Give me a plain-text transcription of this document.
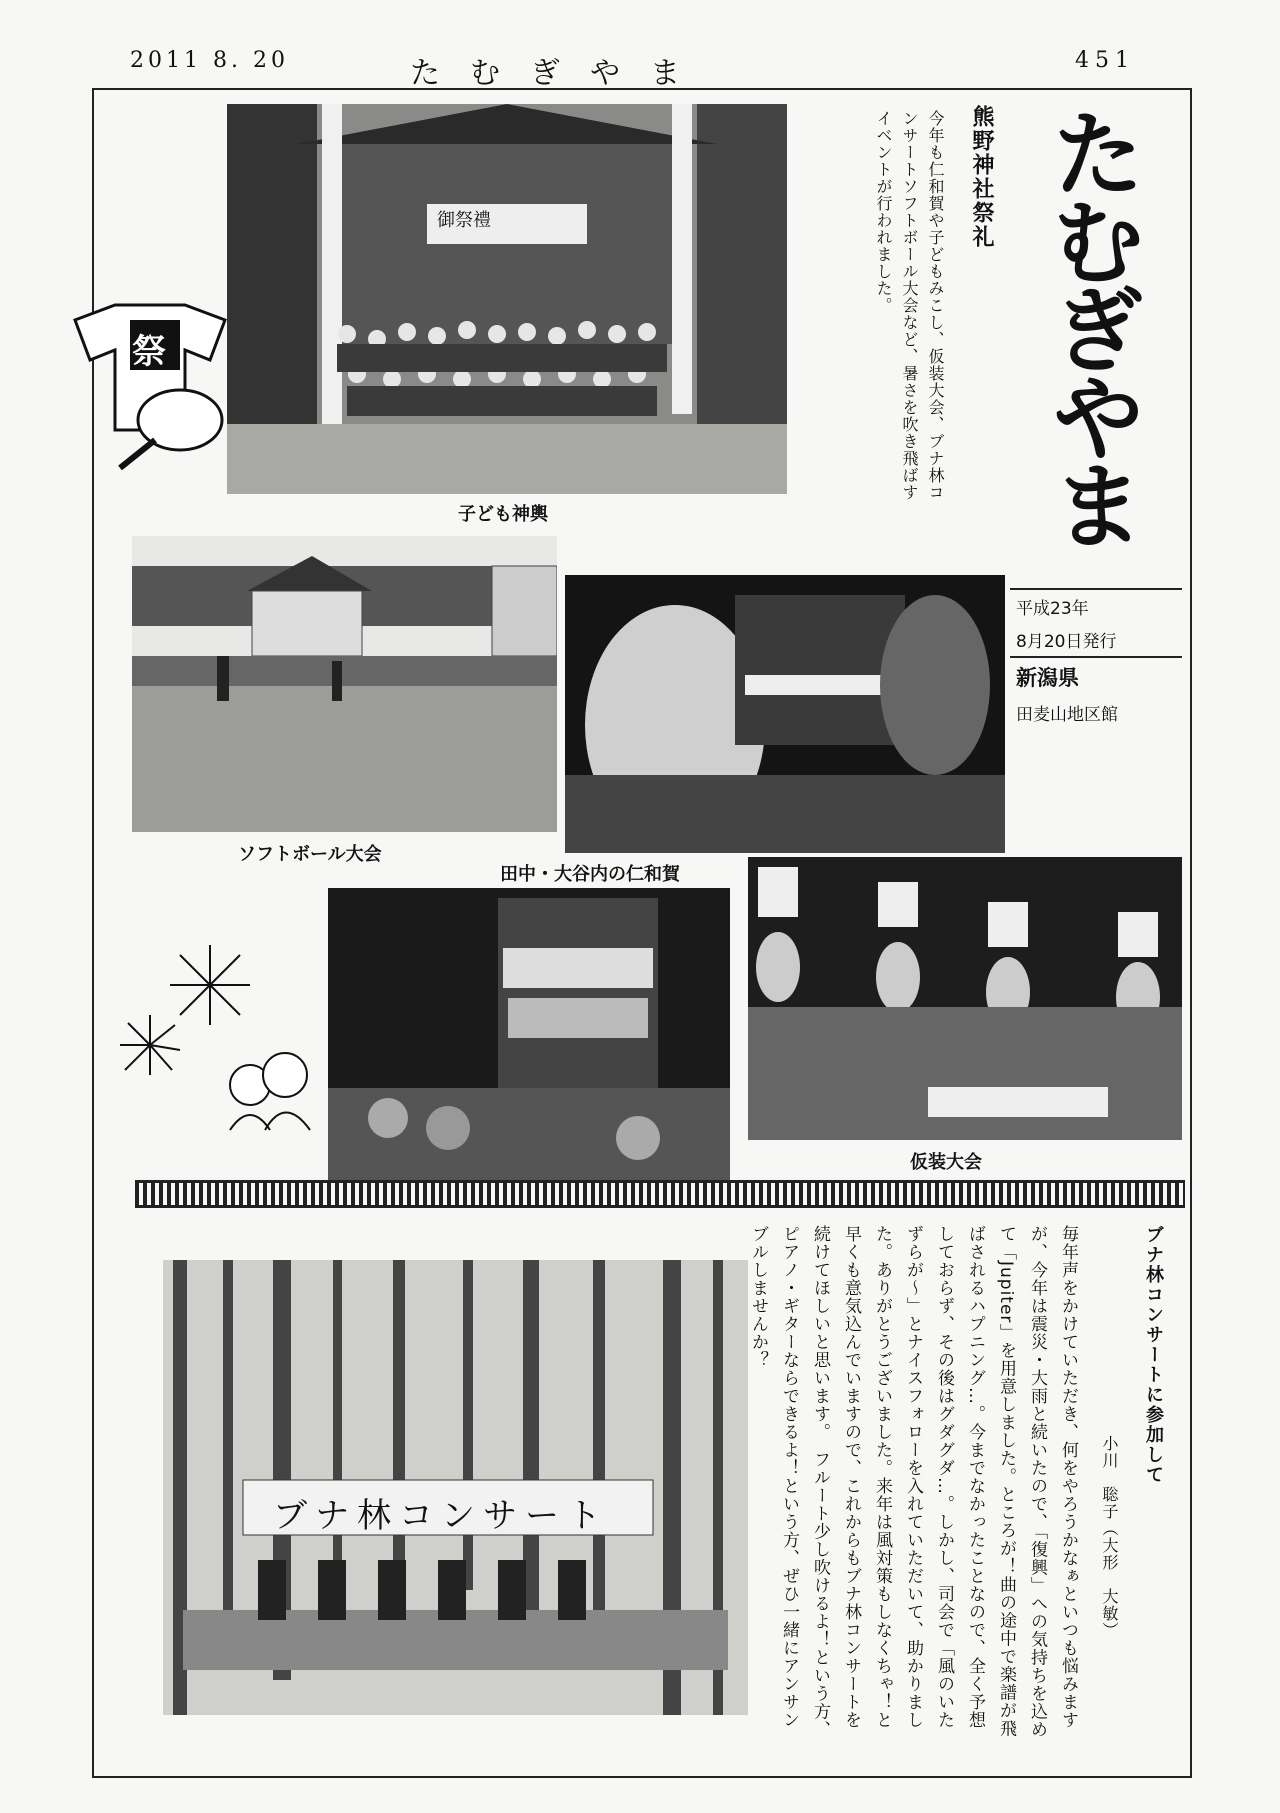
2011 8. 20	たむぎやま	451
たむぎやま
平成23年
8月20日発行
新潟県
田麦山地区館
熊野神社祭礼
今年も仁和賀や子どもみこし、仮装大会、ブナ林コンサートソフトボール大会など、暑さを吹き飛ばすイベントが行われました。
御祭禮
子ども神輿
祭
ソフトボール大会
田中・大谷内の仁和賀
仮装大会
ブナ林コンサート
ブナ林コンサートに参加して
小川　聡子（大形　大敏）
毎年声をかけていただき、何をやろうかなぁといつも悩みますが、今年は震災・大雨と続いたので、「復興」への気持ちを込めて「Jupiter」を用意しました。ところが！曲の途中で楽譜が飛ばされるハプニング…。今までなかったことなので、全く予想しておらず、その後はグダグダ…。しかし、司会で「風のいたずらが～」とナイスフォローを入れていただいて、助かりました。ありがとうございました。来年は風対策もしなくちゃ！と早くも意気込んでいますので、これからもブナ林コンサートを続けてほしいと思います。　フルート少し吹けるよ！という方、ピアノ・ギターならできるよ！という方、ぜひ一緒にアンサンブルしませんか？
